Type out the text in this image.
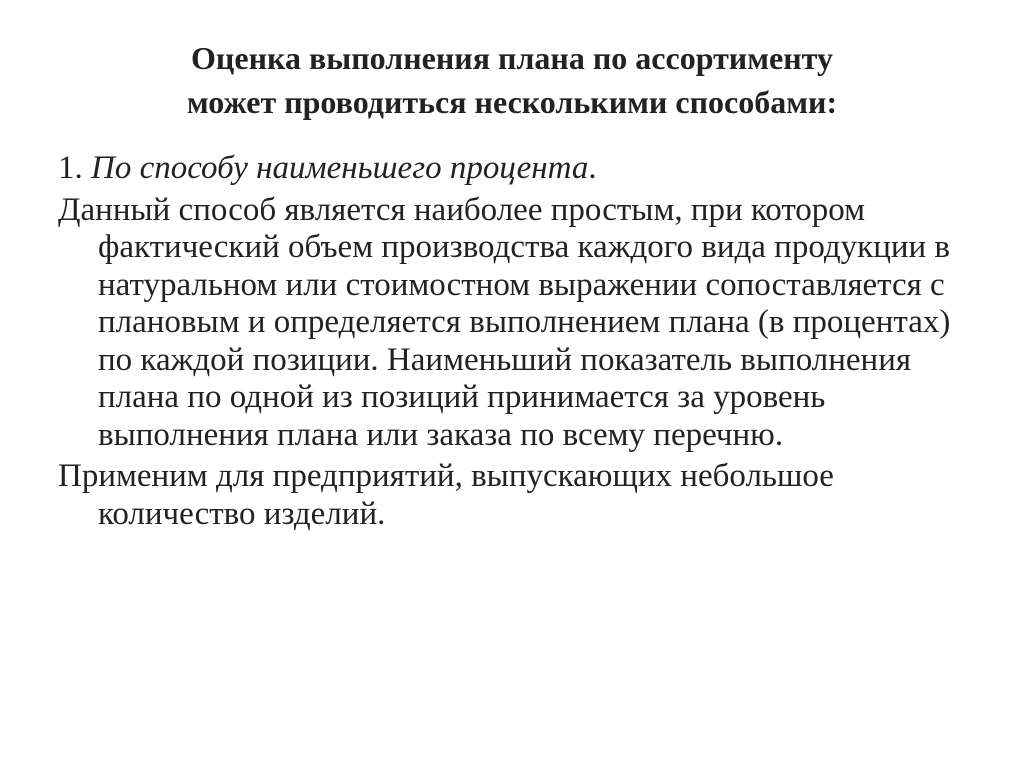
Оценка выполнения плана по ассортименту
может проводиться несколькими способами:

1. По способу наименьшего процента.

Данный способ является наиболее простым, при котором фактический объем производства каждого вида продукции в натуральном или стоимостном выражении сопоставляется с плановым и определяется выполнением плана (в процентах) по каждой позиции. Наименьший показатель выполнения плана по одной из позиций принимается за уровень выполнения плана или заказа по всему перечню.

Применим для предприятий, выпускающих небольшое количество изделий.
